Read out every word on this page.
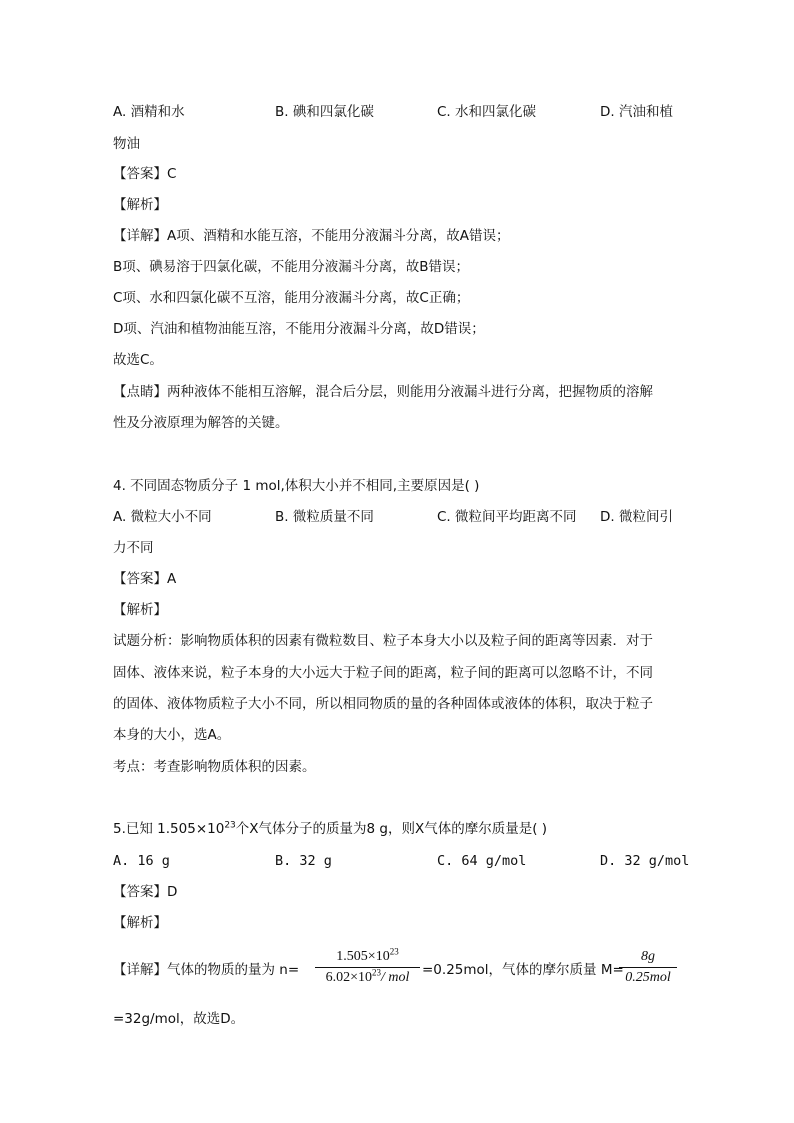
A. 酒精和水	B. 碘和四氯化碳	C. 水和四氯化碳	D. 汽油和植
物油
【答案】C
【解析】
【详解】A项、酒精和水能互溶，不能用分液漏斗分离，故A错误；
B项、碘易溶于四氯化碳，不能用分液漏斗分离，故B错误；
C项、水和四氯化碳不互溶，能用分液漏斗分离，故C正确；
D项、汽油和植物油能互溶，不能用分液漏斗分离，故D错误；
故选C。
【点睛】两种液体不能相互溶解，混合后分层，则能用分液漏斗进行分离，把握物质的溶解
性及分液原理为解答的关键。
4. 不同固态物质分子 1 mol,体积大小并不相同,主要原因是( )
A. 微粒大小不同	B. 微粒质量不同	C. 微粒间平均距离不同 D. 微粒间引
力不同
【答案】A
【解析】
试题分析：影响物质体积的因素有微粒数目、粒子本身大小以及粒子间的距离等因素．对于
固体、液体来说，粒子本身的大小远大于粒子间的距离，粒子间的距离可以忽略不计，不同
的固体、液体物质粒子大小不同，所以相同物质的量的各种固体或液体的体积，取决于粒子
本身的大小，选A。
考点：考查影响物质体积的因素。
5.已知 $1.505\times 10^{23}$个X气体分子的质量为8 g，则X气体的摩尔质量是( )
A. 16 g	B. 32 g	C. 64 g/mol	D. 32 g/mol
【答案】D
【解析】
【详解】气体的物质的量为 n=
$1.505\times 10^{23}$
$6.02\times 10^{23}/$ mol =0.25mol，气体的摩尔质量 M=
8g
0.25mol
=32g/mol，故选D。
